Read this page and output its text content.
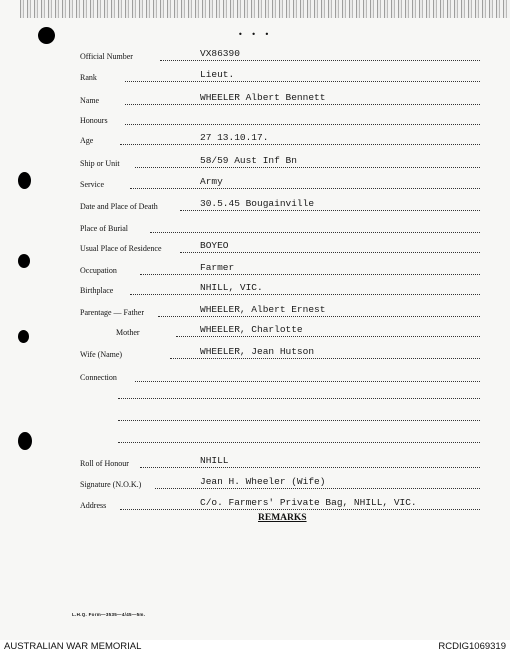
• • •
Official Number	VX86390
Rank	Lieut.
Name	WHEELER Albert Bennett
Honours
Age	27 13.10.17.
Ship or Unit	58/59 Aust Inf Bn
Service	Army
Date and Place of Death	30.5.45 Bougainville
Place of Burial
Usual Place of Residence	BOYEO
Occupation	Farmer
Birthplace	NHILL, VIC.
Parentage — Father	WHEELER, Albert Ernest
Mother	WHEELER, Charlotte
Wife (Name)	WHEELER, Jean Hutson
Connection
Roll of Honour	NHILL
Signature (N.O.K.)	Jean H. Wheeler (Wife)
Address	C/o. Farmers' Private Bag, NHILL, VIC.
REMARKS
L.H.Q. Form—3535—4/45—5m.
AUSTRALIAN WAR MEMORIAL	RCDIG1069319
